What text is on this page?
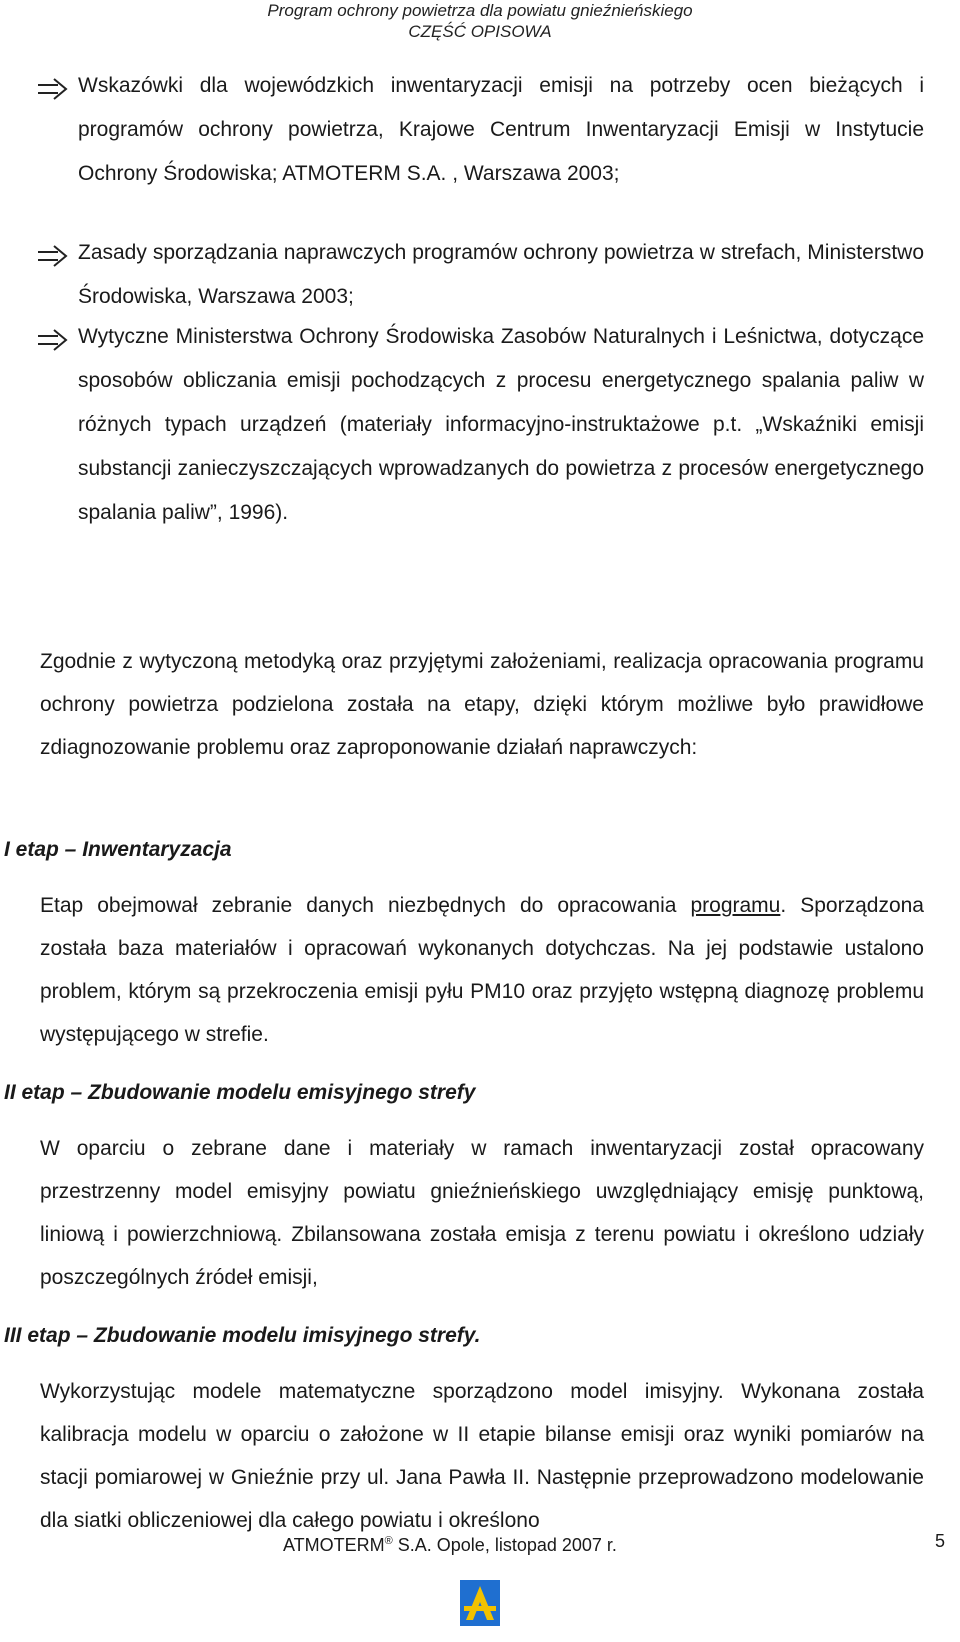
Program ochrony powietrza dla powiatu gnieźnieńskiego
CZĘŚĆ OPISOWA
Wskazówki dla wojewódzkich inwentaryzacji emisji na potrzeby ocen bieżących i programów ochrony powietrza, Krajowe Centrum Inwentaryzacji Emisji w Instytucie Ochrony Środowiska; ATMOTERM S.A. , Warszawa 2003;
Zasady sporządzania naprawczych programów ochrony powietrza w strefach, Ministerstwo Środowiska, Warszawa 2003;
Wytyczne Ministerstwa Ochrony Środowiska Zasobów Naturalnych i Leśnictwa, dotyczące sposobów obliczania emisji pochodzących z procesu energetycznego spalania paliw w różnych typach urządzeń (materiały informacyjno-instruktażowe p.t. „Wskaźniki emisji substancji zanieczyszczających wprowadzanych do powietrza z procesów energetycznego spalania paliw”, 1996).
Zgodnie z wytyczoną metodyką oraz przyjętymi założeniami, realizacja opracowania programu ochrony powietrza podzielona została na etapy, dzięki którym możliwe było prawidłowe zdiagnozowanie problemu oraz zaproponowanie działań naprawczych:
I etap – Inwentaryzacja
Etap obejmował zebranie danych niezbędnych do opracowania programu. Sporządzona została baza materiałów i opracowań wykonanych dotychczas. Na jej podstawie ustalono problem, którym są przekroczenia emisji pyłu PM10 oraz przyjęto wstępną diagnozę problemu występującego w strefie.
II etap – Zbudowanie modelu emisyjnego strefy
W oparciu o zebrane dane i materiały w ramach inwentaryzacji został opracowany przestrzenny model emisyjny powiatu gnieźnieńskiego uwzględniający emisję punktową, liniową i powierzchniową. Zbilansowana została emisja z terenu powiatu i określono udziały poszczególnych źródeł emisji,
III etap – Zbudowanie modelu imisyjnego strefy.
Wykorzystując modele matematyczne sporządzono model imisyjny. Wykonana została kalibracja modelu w oparciu o założone w II etapie bilanse emisji oraz wyniki pomiarów na stacji pomiarowej w Gnieźnie przy ul. Jana Pawła II. Następnie przeprowadzono modelowanie dla siatki obliczeniowej dla całego powiatu i określono
ATMOTERM® S.A. Opole, listopad 2007 r.	5
